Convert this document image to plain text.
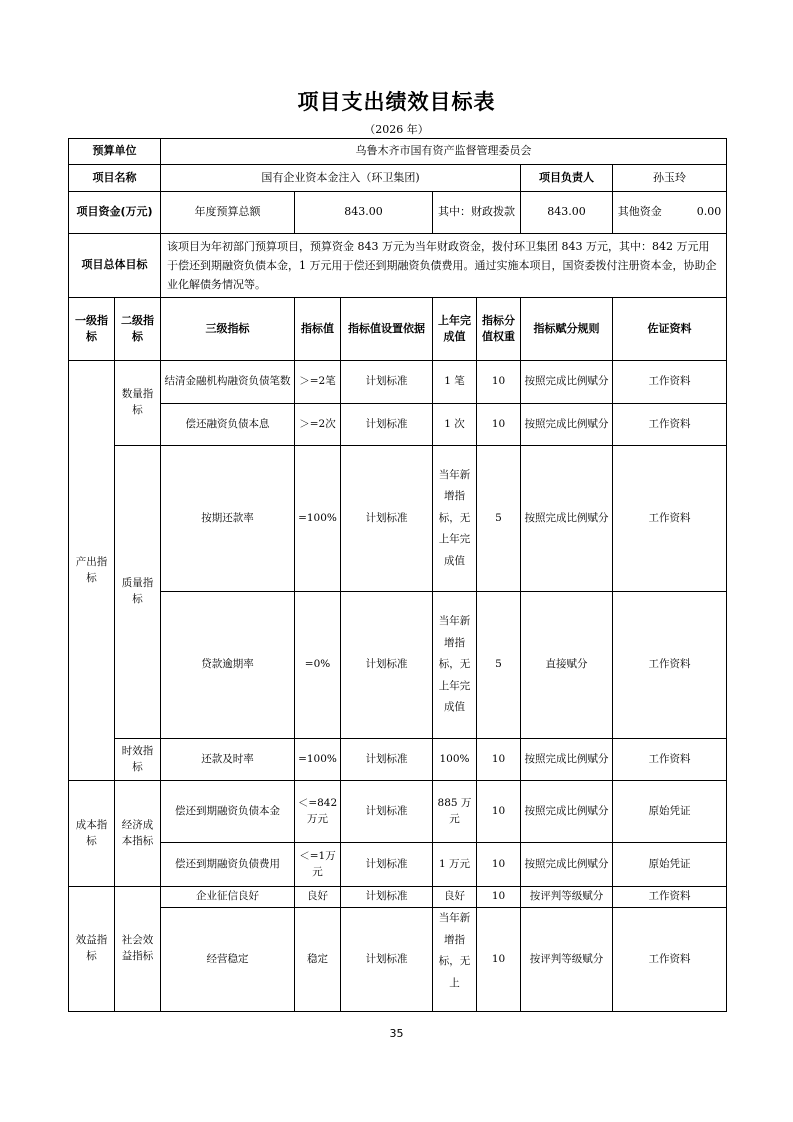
项目支出绩效目标表
（2026 年）
预算单位		乌鲁木齐市国有资产监督管理委员会						
项目名称		国有企业资本金注入（环卫集团)					项目负责人	孙玉玲
项目资金(万元)		年度预算总额	843.00		其中：财政拨款		843.00	其他资金 0.00
项目总体目标		该项目为年初部门预算项目，预算资金 843 万元为当年财政资金，拨付环卫集团 843 万元，其中：842 万元用于偿还到期融资负债本金，1 万元用于偿还到期融资负债费用。通过实施本项目，国资委拨付注册资本金，协助企业化解债务情况等。						
一级指标	二级指标	三级指标	指标值	指标值设置依据	上年完成值	指标分值权重	指标赋分规则	佐证资料
产出指标	数量指标	结清金融机构融资负债笔数	＞=2笔	计划标准	1 笔	10	按照完成比例赋分	工作资料
		偿还融资负债本息	＞=2次	计划标准	1 次	10	按照完成比例赋分	工作资料
	质量指标	按期还款率	=100%	计划标准	当年新增指标，无上年完成值	5	按照完成比例赋分	工作资料
		贷款逾期率	=0%	计划标准	当年新增指标，无上年完成值	5	直接赋分	工作资料
	时效指标	还款及时率	=100%	计划标准	100%	10	按照完成比例赋分	工作资料
成本指标	经济成本指标	偿还到期融资负债本金	＜=842万元	计划标准	885 万元	10	按照完成比例赋分	原始凭证
		偿还到期融资负债费用	＜=1万元	计划标准	1 万元	10	按照完成比例赋分	原始凭证
效益指标	社会效益指标	企业征信良好	良好	计划标准	良好	10	按评判等级赋分	工作资料
		经营稳定	稳定	计划标准	当年新增指标，无上	10	按评判等级赋分	工作资料
35
